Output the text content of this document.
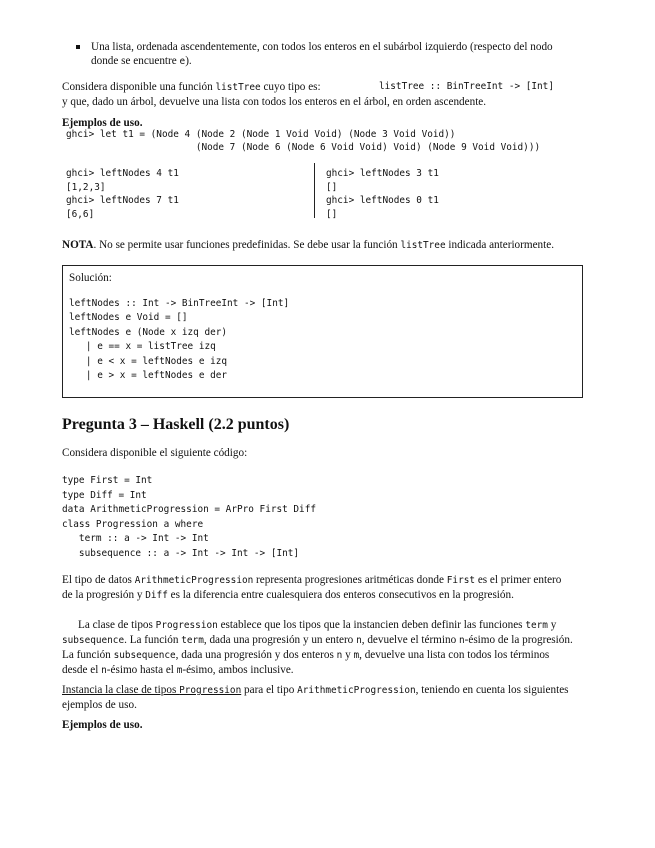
Una lista, ordenada ascendentemente, con todos los enteros en el subárbol izquierdo (respecto del nodo donde se encuentre e).
Considera disponible una función listTree cuyo tipo es:	listTree :: BinTreeInt -> [Int]
y que, dado un árbol, devuelve una lista con todos los enteros en el árbol, en orden ascendente.
Ejemplos de uso.
ghci> let t1 = (Node 4 (Node 2 (Node 1 Void Void) (Node 3 Void Void))
(Node 7 (Node 6 (Node 6 Void Void) Void) (Node 9 Void Void)))
ghci> leftNodes 4 t1
[1,2,3]
ghci> leftNodes 7 t1
[6,6]
ghci> leftNodes 3 t1
[]
ghci> leftNodes 0 t1
[]
NOTA. No se permite usar funciones predefinidas. Se debe usar la función listTree indicada anteriormente.
Solución:
leftNodes :: Int -> BinTreeInt -> [Int]
leftNodes e Void = []
leftNodes e (Node x izq der)
| e == x = listTree izq
| e < x = leftNodes e izq
| e > x = leftNodes e der
Pregunta 3 – Haskell (2.2 puntos)
Considera disponible el siguiente código:
type First = Int
type Diff = Int
data ArithmeticProgression = ArPro First Diff
class Progression a where
term :: a -> Int -> Int
subsequence :: a -> Int -> Int -> [Int]
El tipo de datos ArithmeticProgression representa progresiones aritméticas donde First es el primer entero de la progresión y Diff es la diferencia entre cualesquiera dos enteros consecutivos en la progresión.
La clase de tipos Progression establece que los tipos que la instancien deben definir las funciones term y subsequence. La función term, dada una progresión y un entero n, devuelve el término n-ésimo de la progresión. La función subsequence, dada una progresión y dos enteros n y m, devuelve una lista con todos los términos desde el n-ésimo hasta el m-ésimo, ambos inclusive.
Instancia la clase de tipos Progression para el tipo ArithmeticProgression, teniendo en cuenta los siguientes ejemplos de uso.
Ejemplos de uso.
